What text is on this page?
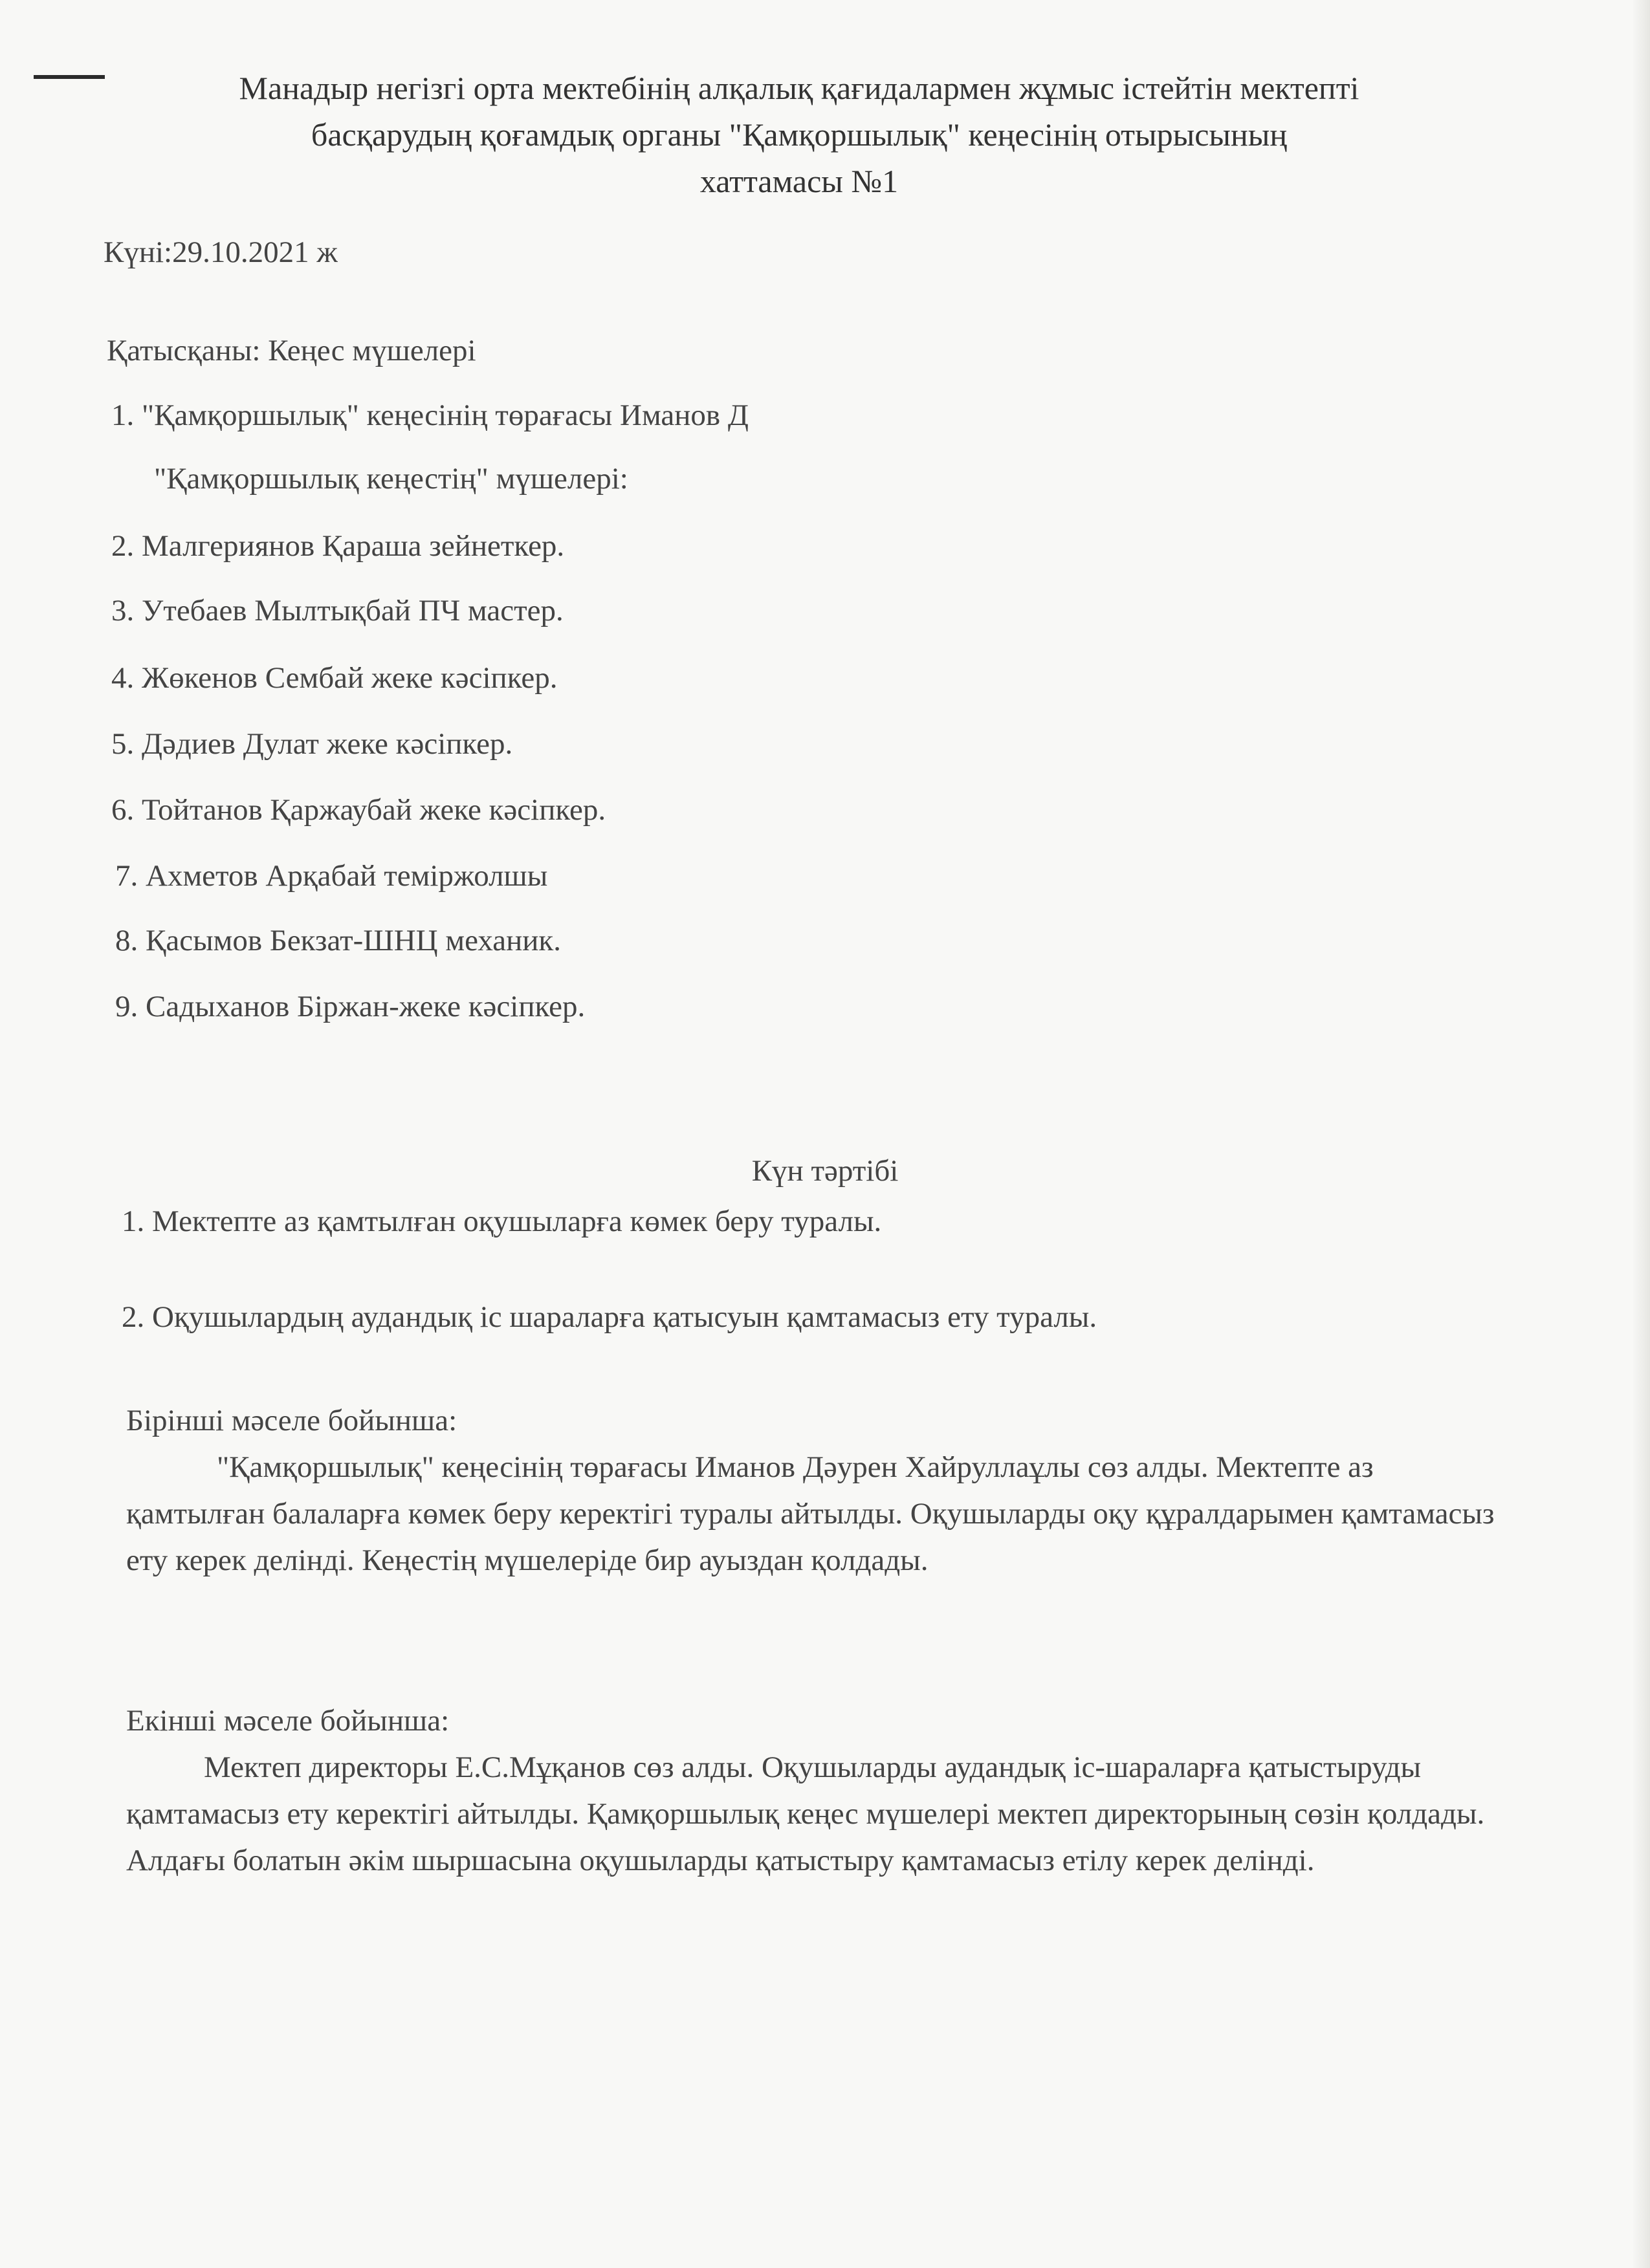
Манадыр негізгі орта мектебінің алқалық қағидалармен жұмыс істейтін мектепті
басқарудың қоғамдық органы "Қамқоршылық" кеңесінің отырысының
хаттамасы №1
Күні:29.10.2021 ж
Қатысқаны: Кеңес мүшелері
1. "Қамқоршылық" кеңесінің төрағасы Иманов Д
"Қамқоршылық кеңестің" мүшелері:
2. Малгериянов Қараша зейнеткер.
3. Утебаев Мылтықбай ПЧ мастер.
4. Жөкенов Сембай жеке кәсіпкер.
5. Дәдиев Дулат жеке кәсіпкер.
6. Тойтанов Қаржаубай жеке кәсіпкер.
7. Ахметов Арқабай теміржолшы
8. Қасымов Бекзат-ШНЦ механик.
9. Садыханов Біржан-жеке кәсіпкер.
Күн тәртібі
1. Мектепте аз қамтылған оқушыларға көмек беру туралы.
2. Оқушылардың аудандық іс шараларға қатысуын қамтамасыз ету туралы.
Бірінші мәселе бойынша:
"Қамқоршылық" кеңесінің төрағасы Иманов Дәурен Хайруллаұлы сөз алды. Мектепте аз қамтылған балаларға көмек беру керектігі туралы айтылды. Оқушыларды оқу құралдарымен қамтамасыз ету керек делінді. Кеңестің мүшелеріде бир ауыздан қолдады.
Екінші мәселе бойынша:
Мектеп директоры Е.С.Мұқанов сөз алды. Оқушыларды аудандық іс-шараларға қатыстыруды қамтамасыз ету керектігі айтылды. Қамқоршылық кеңес мүшелері мектеп директорының сөзін қолдады. Алдағы болатын әкім шыршасына оқушыларды қатыстыру қамтамасыз етілу керек делінді.
